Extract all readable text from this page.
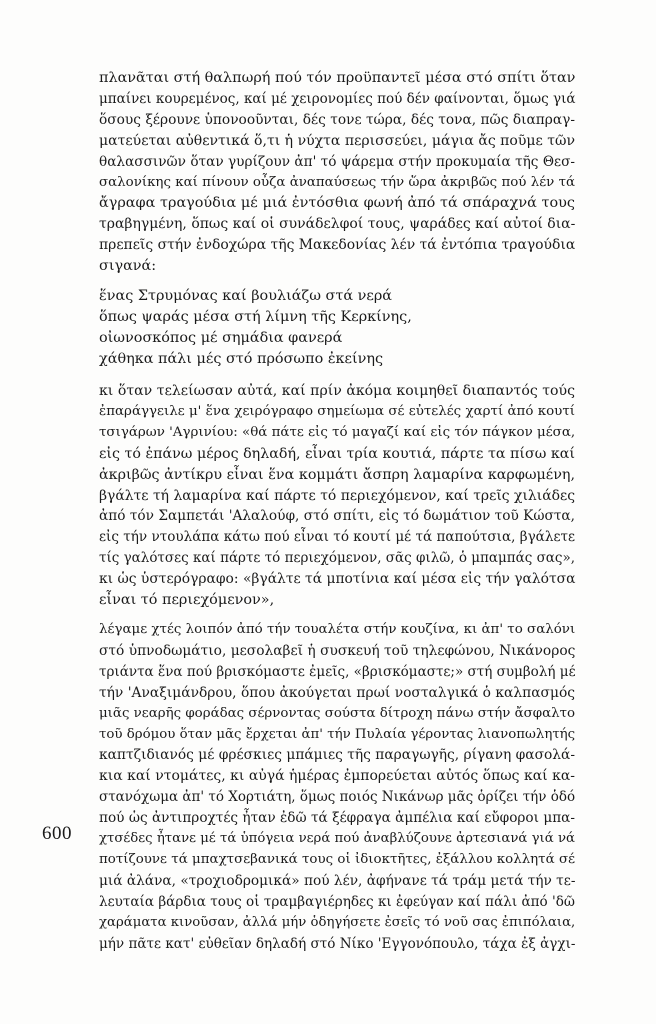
πλανᾶται στή θαλπωρή πού τόν προϋπαντεῖ μέσα στό σπίτι ὅταν
μπαίνει κουρεμένος, καί μέ χειρονομίες πού δέν φαίνονται, ὅμως γιά
ὅσους ξέρουνε ὑπονοοῦνται, δές τονε τώρα, δές τονα, πῶς διαπραγ-
ματεύεται αὐθεντικά ὅ,τι ἡ νύχτα περισσεύει, μάγια ἄς ποῦμε τῶν
θαλασσινῶν ὅταν γυρίζουν ἀπ' τό ψάρεμα στήν προκυμαία τῆς Θεσ-
σαλονίκης καί πίνουν οὖζα ἀναπαύσεως τήν ὥρα ἀκριβῶς πού λέν τά
ἄγραφα τραγούδια μέ μιά ἐντόσθια φωνή ἀπό τά σπάραχνά τους
τραβηγμένη, ὅπως καί οἱ συνάδελφοί τους, ψαράδες καί αὐτοί δια-
πρεπεῖς στήν ἐνδοχώρα τῆς Μακεδονίας λέν τά ἐντόπια τραγούδια
σιγανά:
ἕνας Στρυμόνας καί βουλιάζω στά νερά
ὅπως ψαράς μέσα στή λίμνη τῆς Κερκίνης,
οἰωνοσκόπος μέ σημάδια φανερά
χάθηκα πάλι μές στό πρόσωπο ἐκείνης
κι ὅταν τελείωσαν αὐτά, καί πρίν ἀκόμα κοιμηθεῖ διαπαντός τούς
ἐπαράγγειλε μ' ἕνα χειρόγραφο σημείωμα σέ εὐτελές χαρτί ἀπό κουτί
τσιγάρων 'Αγρινίου: «θά πάτε εἰς τό μαγαζί καί εἰς τόν πάγκον μέσα,
εἰς τό ἐπάνω μέρος δηλαδή, εἶναι τρία κουτιά, πάρτε τα πίσω καί
ἀκριβῶς ἀντίκρυ εἶναι ἕνα κομμάτι ἄσπρη λαμαρίνα καρφωμένη,
βγάλτε τή λαμαρίνα καί πάρτε τό περιεχόμενον, καί τρεῖς χιλιάδες
ἀπό τόν Σαμπετάι 'Αλαλούφ, στό σπίτι, εἰς τό δωμάτιον τοῦ Κώστα,
εἰς τήν ντουλάπα κάτω πού εἶναι τό κουτί μέ τά παπούτσια, βγάλετε
τίς γαλότσες καί πάρτε τό περιεχόμενον, σᾶς φιλῶ, ὁ μπαμπάς σας»,
κι ὡς ὑστερόγραφο: «βγάλτε τά μποτίνια καί μέσα εἰς τήν γαλότσα
εἶναι τό περιεχόμενον»,
λέγαμε χτές λοιπόν ἀπό τήν τουαλέτα στήν κουζίνα, κι ἀπ' το σαλόνι
στό ὑπνοδωμάτιο, μεσολαβεῖ ἡ συσκευή τοῦ τηλεφώνου, Νικάνορος
τριάντα ἕνα πού βρισκόμαστε ἐμεῖς, «βρισκόμαστε;» στή συμβολή μέ
τήν 'Αναξιμάνδρου, ὅπου ἀκούγεται πρωί νοσταλγικά ὁ καλπασμός
μιᾶς νεαρῆς φοράδας σέρνοντας σούστα δίτροχη πάνω στήν ἄσφαλτο
τοῦ δρόμου ὅταν μᾶς ἔρχεται ἀπ' τήν Πυλαία γέροντας λιανοπωλητής
καπτζιδιανός μέ φρέσκιες μπάμιες τῆς παραγωγῆς, ρίγανη φασολά-
κια καί ντομάτες, κι αὐγά ἡμέρας ἐμπορεύεται αὐτός ὅπως καί κα-
στανόχωμα ἀπ' τό Χορτιάτη, ὅμως ποιός Νικάνωρ μᾶς ὁρίζει τήν ὁδό
πού ὡς ἀντιπροχτές ἦταν ἐδῶ τά ξέφραγα ἀμπέλια καί εὔφοροι μπα-
χτσέδες ἦτανε μέ τά ὑπόγεια νερά πού ἀναβλύζουνε ἀρτεσιανά γιά νά
ποτίζουνε τά μπαχτσεβανικά τους οἱ ἰδιοκτῆτες, ἐξάλλου κολλητά σέ
μιά ἀλάνα, «τροχιοδρομικά» πού λέν, ἀφήνανε τά τράμ μετά τήν τε-
λευταία βάρδια τους οἱ τραμβαγιέρηδες κι ἐφεύγαν καί πάλι ἀπό 'δῶ
χαράματα κινοῦσαν, ἀλλά μήν ὁδηγήσετε ἐσεῖς τό νοῦ σας ἐπιπόλαια,
μήν πᾶτε κατ' εὐθεῖαν δηλαδή στό Νίκο 'Εγγονόπουλο, τάχα ἐξ ἀγχι-
600
